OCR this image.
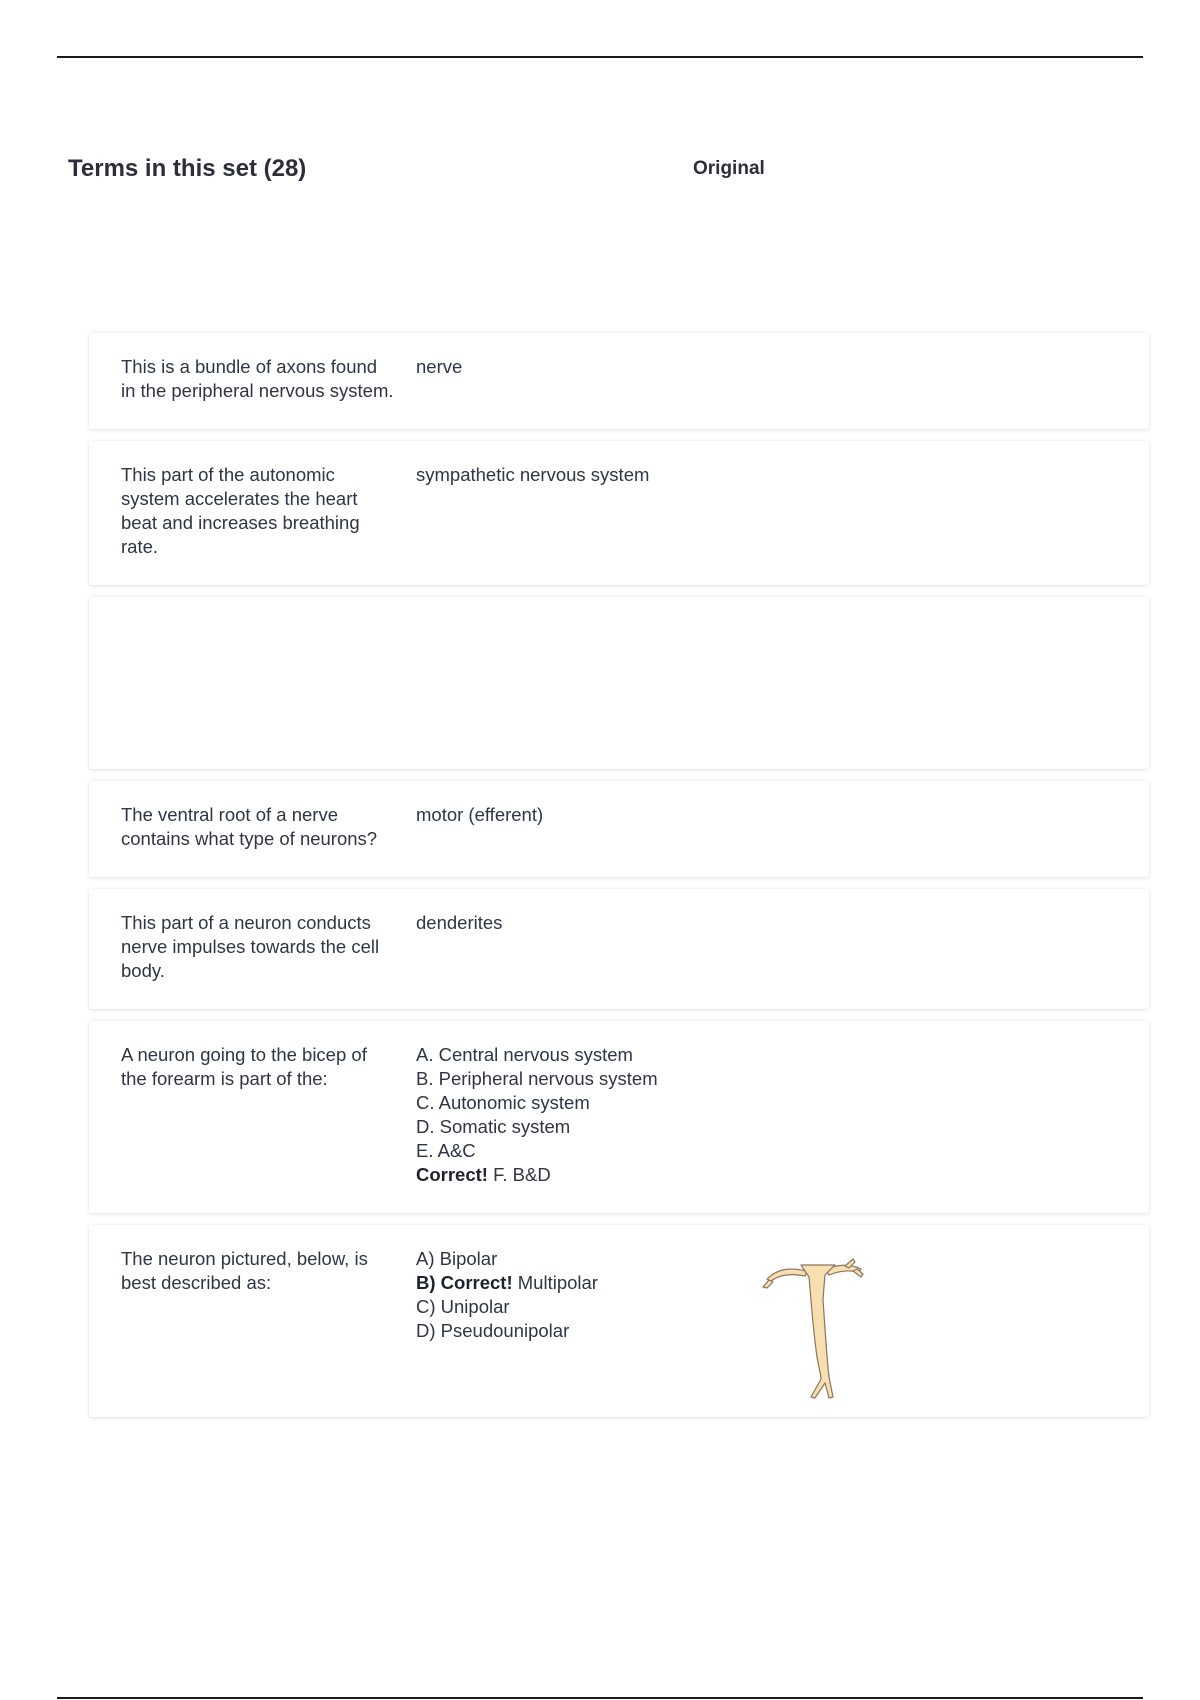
Terms in this set (28)	Original
This is a bundle of axons found in the peripheral nervous system.
nerve
This part of the autonomic system accelerates the heart beat and increases breathing rate.
sympathetic nervous system
The ventral root of a nerve contains what type of neurons?
motor (efferent)
This part of a neuron conducts nerve impulses towards the cell body.
denderites
A neuron going to the bicep of the forearm is part of the:
A. Central nervous system
B. Peripheral nervous system
C. Autonomic system
D. Somatic system
E. A&C
Correct! F. B&D
The neuron pictured, below, is best described as:
A) Bipolar
B) Correct! Multipolar
C) Unipolar
D) Pseudounipolar
